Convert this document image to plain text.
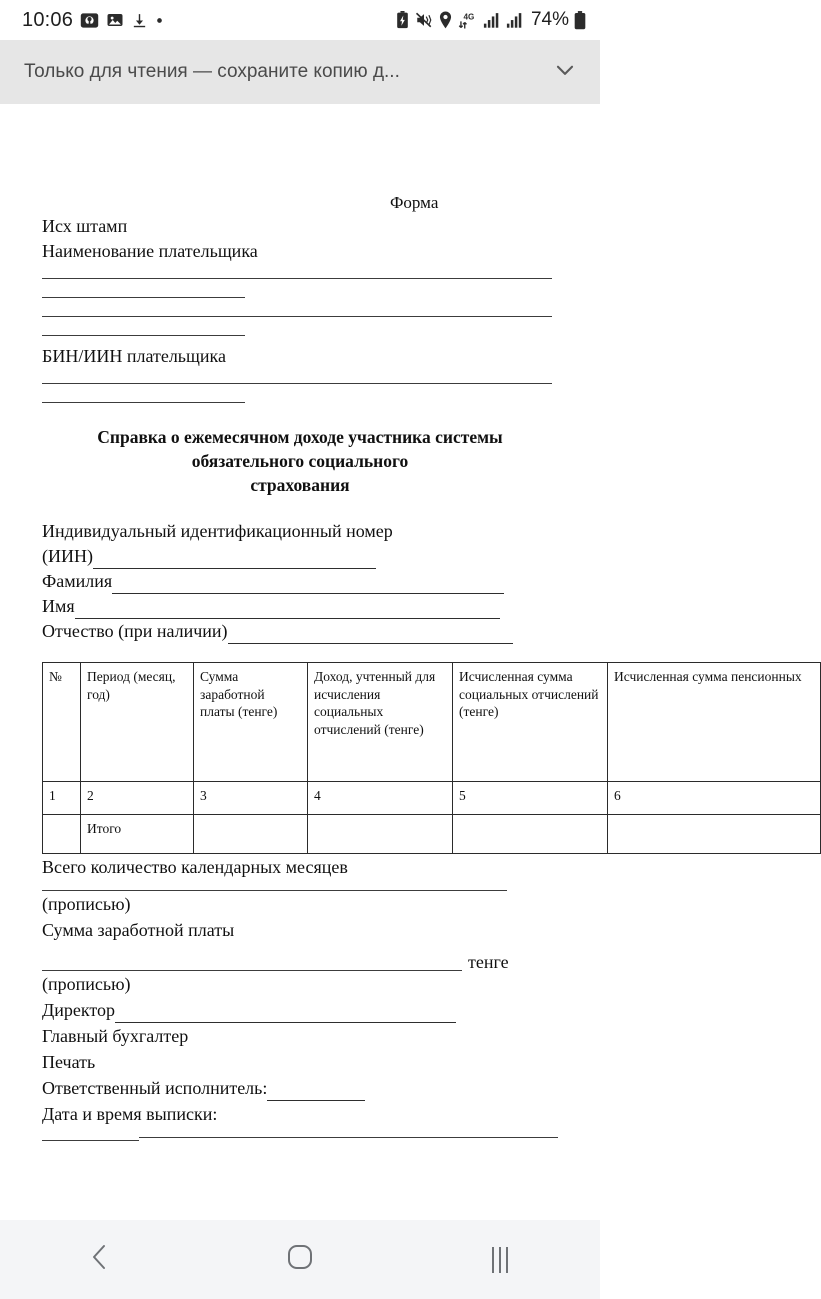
10:06	4G	74%
Только для чтения — сохраните копию д...
Форма
Исх штамп
Наименование плательщика
БИН/ИИН плательщика
Справка о ежемесячном доходе участника системы
обязательного социального
страхования
Индивидуальный идентификационный номер
(ИИН)
Фамилия
Имя
Отчество (при наличии)
№	Период (месяц, год)	Сумма заработной платы (тенге)	Доход, учтенный для исчисления социальных отчислений (тенге)	Исчисленная сумма социальных отчислений (тенге)	Исчисленная сумма пенсионных
1	2	3	4	5	6
	Итого				
Всего количество календарных месяцев
(прописью)
Сумма заработной платы
тенге
(прописью)
Директор
Главный бухгалтер
Печать
Ответственный исполнитель:
Дата и время выписки:
